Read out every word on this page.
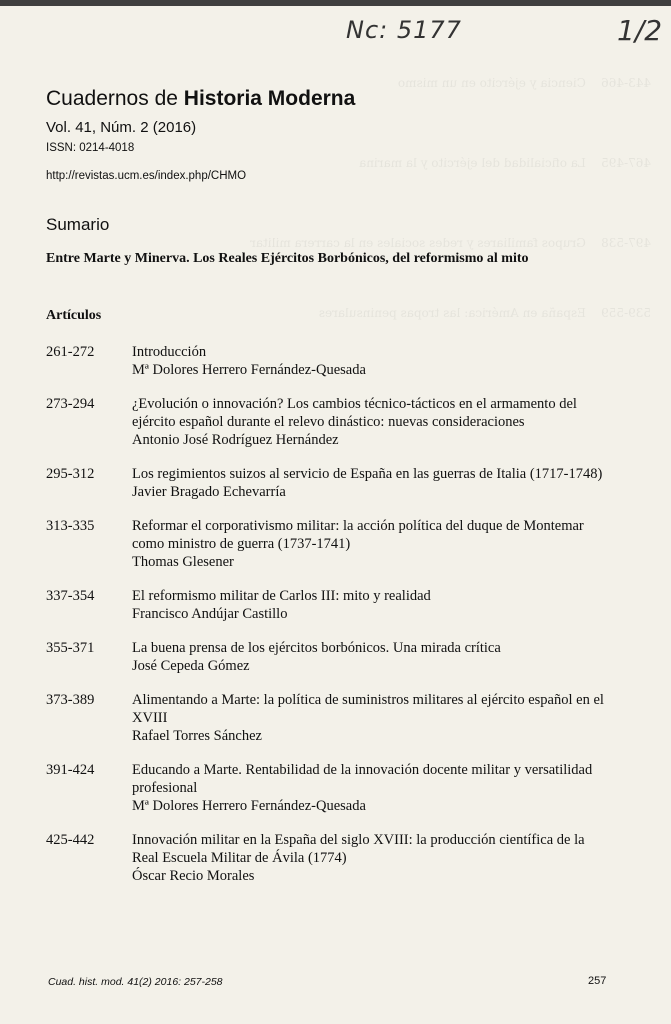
443-466    Ciencia y ejército en un mismo
467-495    La oficialidad del ejército y la marina
497-538    Grupos familiares y redes sociales en la carrera militar
539-559    España en América: las tropas peninsulares
Nc: 5177	1/2
Cuadernos de Historia Moderna
Vol. 41, Núm. 2 (2016)
ISSN: 0214-4018
http://revistas.ucm.es/index.php/CHMO
Sumario
Entre Marte y Minerva. Los Reales Ejércitos Borbónicos, del reformismo al mito
Artículos
261-272	Introducción
Mª Dolores Herrero Fernández-Quesada
273-294	¿Evolución o innovación? Los cambios técnico-tácticos en el armamento del ejército español durante el relevo dinástico: nuevas consideraciones
Antonio José Rodríguez Hernández
295-312	Los regimientos suizos al servicio de España en las guerras de Italia (1717-1748)
Javier Bragado Echevarría
313-335	Reformar el corporativismo militar: la acción política del duque de Montemar como ministro de guerra (1737-1741)
Thomas Glesener
337-354	El reformismo militar de Carlos III: mito y realidad
Francisco Andújar Castillo
355-371	La buena prensa de los ejércitos borbónicos. Una mirada crítica
José Cepeda Gómez
373-389	Alimentando a Marte: la política de suministros militares al ejército español en el XVIII
Rafael Torres Sánchez
391-424	Educando a Marte. Rentabilidad de la innovación docente militar y versatilidad profesional
Mª Dolores Herrero Fernández-Quesada
425-442	Innovación militar en la España del siglo XVIII: la producción científica de la Real Escuela Militar de Ávila (1774)
Óscar Recio Morales
Cuad. hist. mod. 41(2) 2016: 257-258	257
